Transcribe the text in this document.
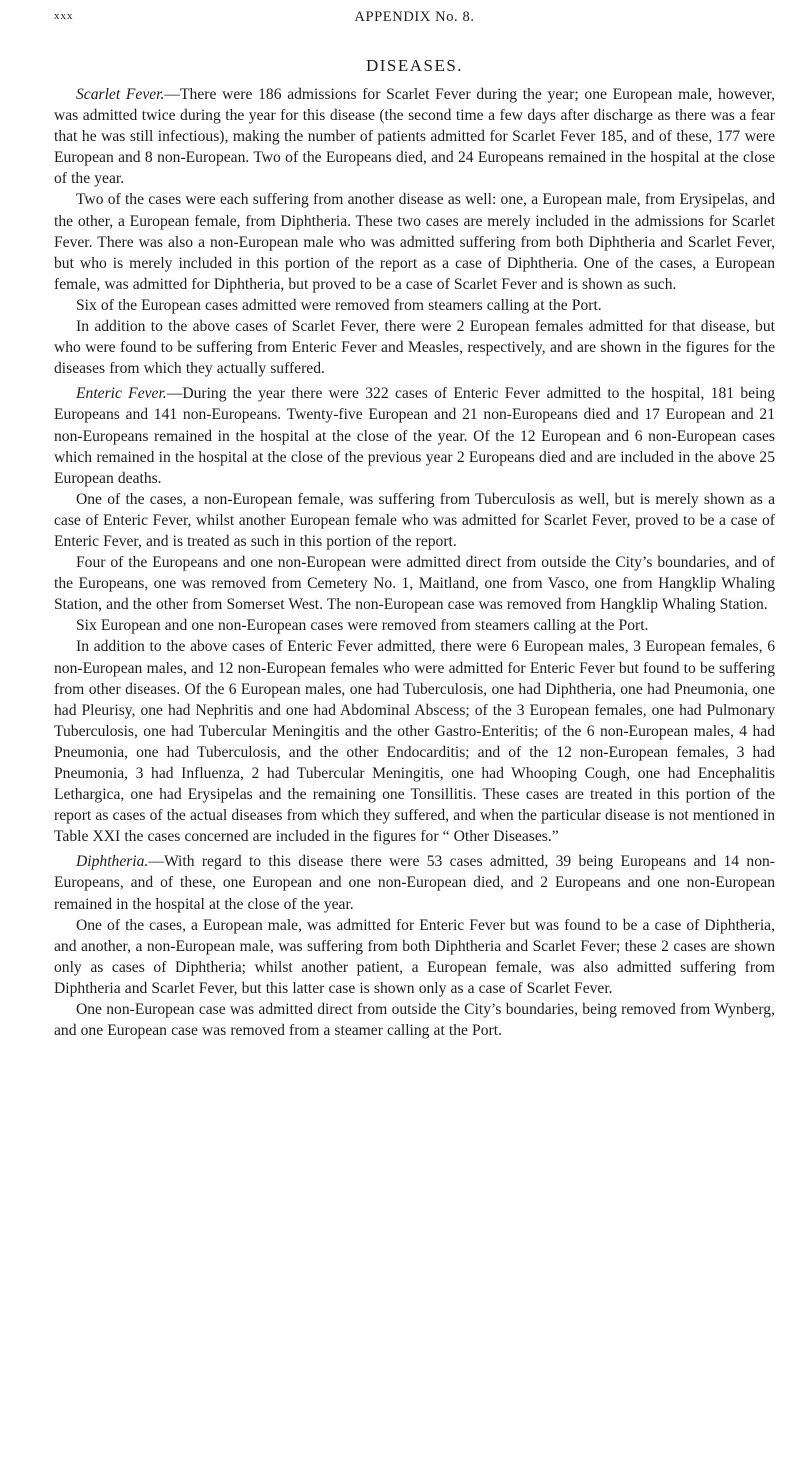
xxx	APPENDIX No. 8.
DISEASES.

Scarlet Fever.—There were 186 admissions for Scarlet Fever during the year; one European male, however, was admitted twice during the year for this disease (the second time a few days after discharge as there was a fear that he was still infectious), making the number of patients admitted for Scarlet Fever 185, and of these, 177 were European and 8 non-European. Two of the Europeans died, and 24 Europeans remained in the hospital at the close of the year.

Two of the cases were each suffering from another disease as well: one, a European male, from Erysipelas, and the other, a European female, from Diphtheria. These two cases are merely included in the admissions for Scarlet Fever. There was also a non-European male who was admitted suffering from both Diphtheria and Scarlet Fever, but who is merely included in this portion of the report as a case of Diphtheria. One of the cases, a European female, was admitted for Diphtheria, but proved to be a case of Scarlet Fever and is shown as such.

Six of the European cases admitted were removed from steamers calling at the Port.

In addition to the above cases of Scarlet Fever, there were 2 European females admitted for that disease, but who were found to be suffering from Enteric Fever and Measles, respectively, and are shown in the figures for the diseases from which they actually suffered.

Enteric Fever.—During the year there were 322 cases of Enteric Fever admitted to the hospital, 181 being Europeans and 141 non-Europeans. Twenty-five European and 21 non-Europeans died and 17 European and 21 non-Europeans remained in the hospital at the close of the year. Of the 12 European and 6 non-European cases which remained in the hospital at the close of the previous year 2 Europeans died and are included in the above 25 European deaths.

One of the cases, a non-European female, was suffering from Tuberculosis as well, but is merely shown as a case of Enteric Fever, whilst another European female who was admitted for Scarlet Fever, proved to be a case of Enteric Fever, and is treated as such in this portion of the report.

Four of the Europeans and one non-European were admitted direct from outside the City’s boundaries, and of the Europeans, one was removed from Cemetery No. 1, Maitland, one from Vasco, one from Hangklip Whaling Station, and the other from Somerset West. The non-European case was removed from Hangklip Whaling Station.

Six European and one non-European cases were removed from steamers calling at the Port.

In addition to the above cases of Enteric Fever admitted, there were 6 European males, 3 European females, 6 non-European males, and 12 non-European females who were admitted for Enteric Fever but found to be suffering from other diseases. Of the 6 European males, one had Tuberculosis, one had Diphtheria, one had Pneumonia, one had Pleurisy, one had Nephritis and one had Abdominal Abscess; of the 3 European females, one had Pulmonary Tuberculosis, one had Tubercular Meningitis and the other Gastro-Enteritis; of the 6 non-European males, 4 had Pneumonia, one had Tuberculosis, and the other Endocarditis; and of the 12 non-European females, 3 had Pneumonia, 3 had Influenza, 2 had Tubercular Meningitis, one had Whooping Cough, one had Encephalitis Lethargica, one had Erysipelas and the remaining one Tonsillitis. These cases are treated in this portion of the report as cases of the actual diseases from which they suffered, and when the particular disease is not mentioned in Table XXI the cases concerned are included in the figures for “ Other Diseases.”

Diphtheria.—With regard to this disease there were 53 cases admitted, 39 being Europeans and 14 non-Europeans, and of these, one European and one non-European died, and 2 Europeans and one non-European remained in the hospital at the close of the year.

One of the cases, a European male, was admitted for Enteric Fever but was found to be a case of Diphtheria, and another, a non-European male, was suffering from both Diphtheria and Scarlet Fever; these 2 cases are shown only as cases of Diphtheria; whilst another patient, a European female, was also admitted suffering from Diphtheria and Scarlet Fever, but this latter case is shown only as a case of Scarlet Fever.

One non-European case was admitted direct from outside the City’s boundaries, being removed from Wynberg, and one European case was removed from a steamer calling at the Port.
